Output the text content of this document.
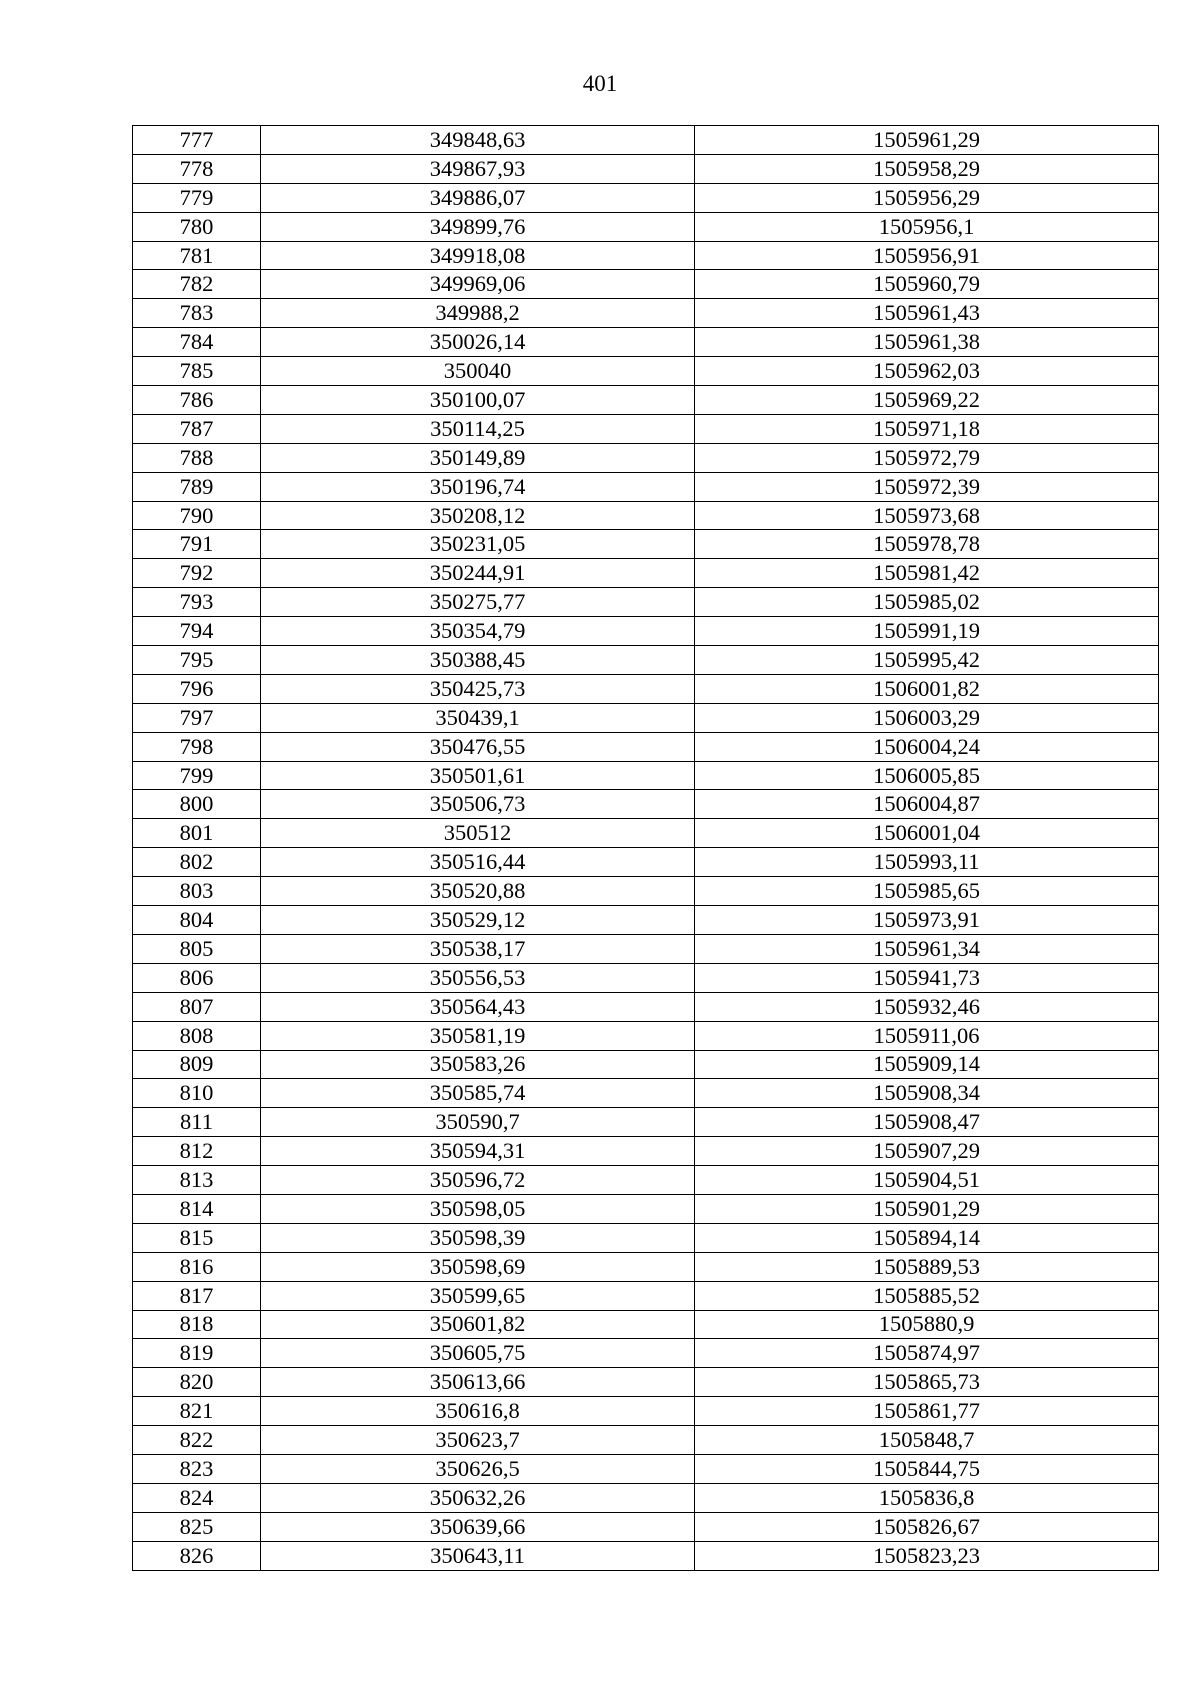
401
777	349848,63	1505961,29
778	349867,93	1505958,29
779	349886,07	1505956,29
780	349899,76	1505956,1
781	349918,08	1505956,91
782	349969,06	1505960,79
783	349988,2	1505961,43
784	350026,14	1505961,38
785	350040	1505962,03
786	350100,07	1505969,22
787	350114,25	1505971,18
788	350149,89	1505972,79
789	350196,74	1505972,39
790	350208,12	1505973,68
791	350231,05	1505978,78
792	350244,91	1505981,42
793	350275,77	1505985,02
794	350354,79	1505991,19
795	350388,45	1505995,42
796	350425,73	1506001,82
797	350439,1	1506003,29
798	350476,55	1506004,24
799	350501,61	1506005,85
800	350506,73	1506004,87
801	350512	1506001,04
802	350516,44	1505993,11
803	350520,88	1505985,65
804	350529,12	1505973,91
805	350538,17	1505961,34
806	350556,53	1505941,73
807	350564,43	1505932,46
808	350581,19	1505911,06
809	350583,26	1505909,14
810	350585,74	1505908,34
811	350590,7	1505908,47
812	350594,31	1505907,29
813	350596,72	1505904,51
814	350598,05	1505901,29
815	350598,39	1505894,14
816	350598,69	1505889,53
817	350599,65	1505885,52
818	350601,82	1505880,9
819	350605,75	1505874,97
820	350613,66	1505865,73
821	350616,8	1505861,77
822	350623,7	1505848,7
823	350626,5	1505844,75
824	350632,26	1505836,8
825	350639,66	1505826,67
826	350643,11	1505823,23
